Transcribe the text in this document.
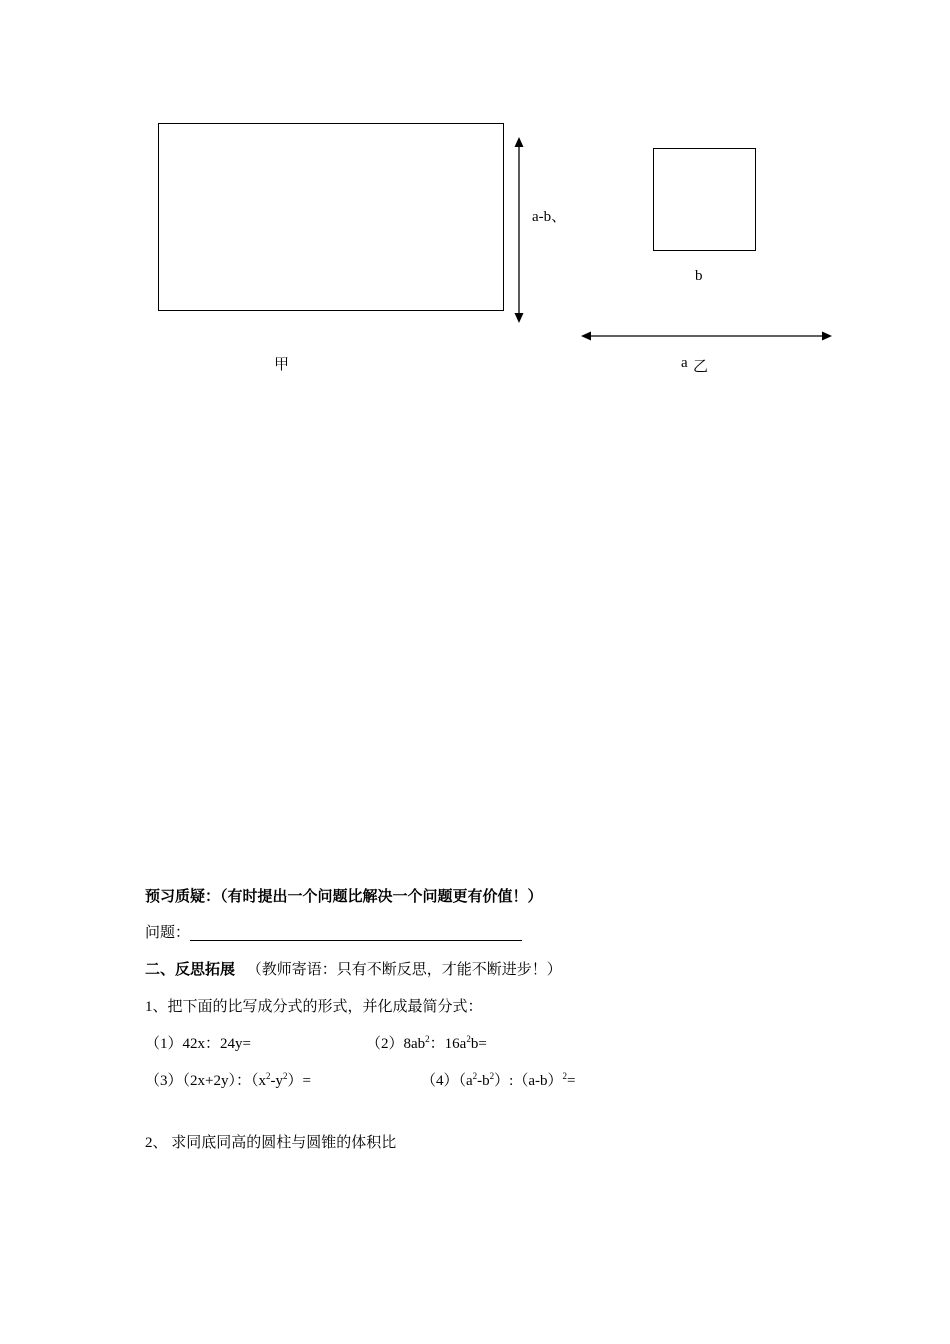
a-b、
b
甲	a 乙
预习质疑：（有时提出一个问题比解决一个问题更有价值！）
问题：
二、反思拓展 （教师寄语：只有不断反思，才能不断进步！）
1、把下面的比写成分式的形式，并化成最简分式：
（1）42x：24y=	$(2)8ab^2$：$16a^2b=$
（3）（2x+2y）：$(x^2-y^2)=$	$(4)(a^2-b^2):(a-b)^2=$
2、 求同底同高的圆柱与圆锥的体积比
